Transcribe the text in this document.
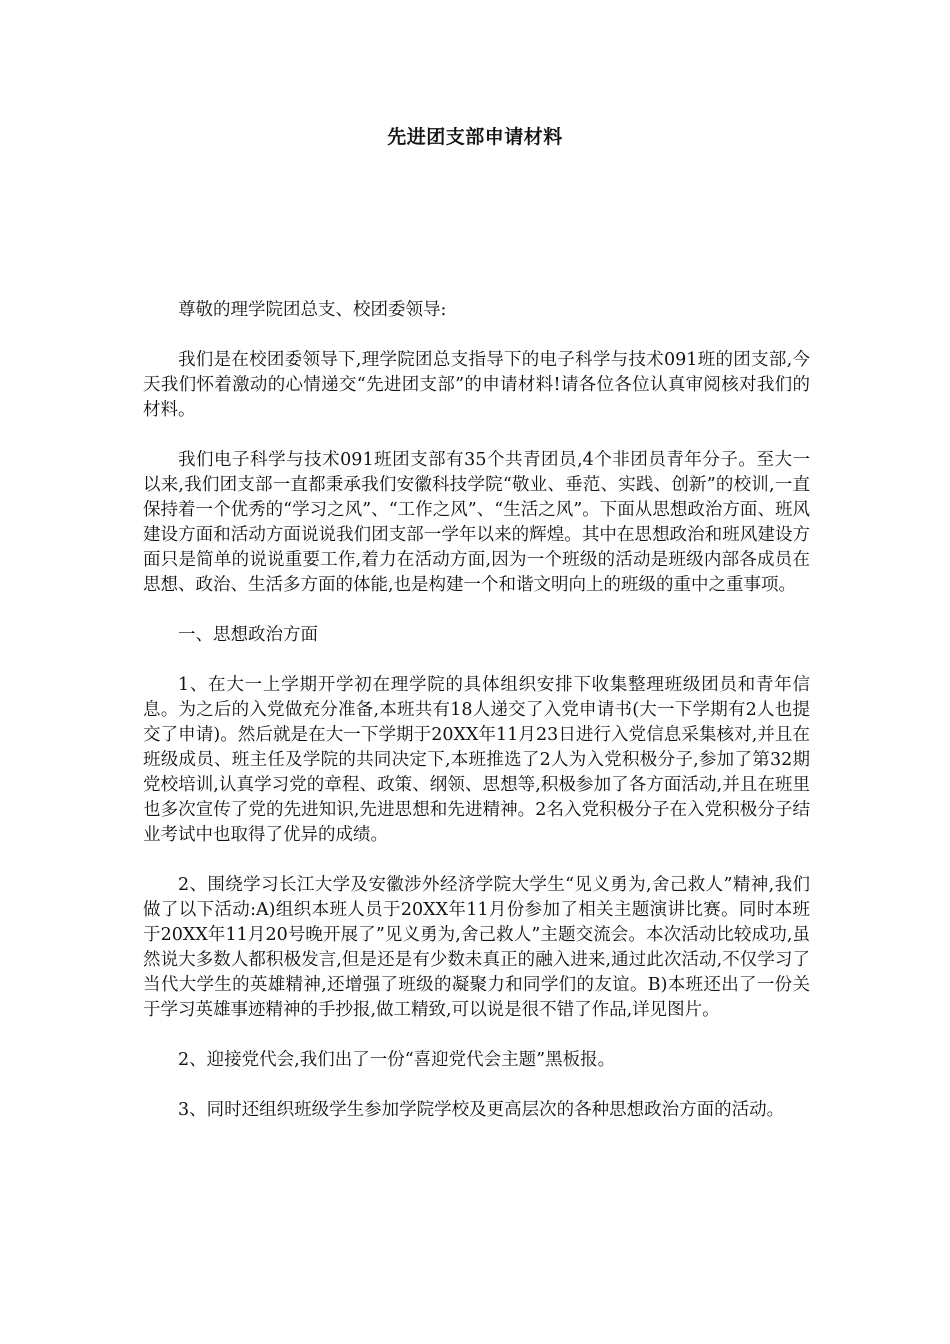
先进团支部申请材料

尊敬的理学院团总支、校团委领导:

我们是在校团委领导下,理学院团总支指导下的电子科学与技术091班的团支部,今天我们怀着激动的心情递交“先进团支部”的申请材料!请各位各位认真审阅核对我们的材料。

我们电子科学与技术091班团支部有35个共青团员,4个非团员青年分子。至大一以来,我们团支部一直都秉承我们安徽科技学院“敬业、垂范、实践、创新”的校训,一直保持着一个优秀的“学习之风”、“工作之风”、“生活之风”。下面从思想政治方面、班风建设方面和活动方面说说我们团支部一学年以来的辉煌。其中在思想政治和班风建设方面只是简单的说说重要工作,着力在活动方面,因为一个班级的活动是班级内部各成员在思想、政治、生活多方面的体能,也是构建一个和谐文明向上的班级的重中之重事项。

一、思想政治方面

1、在大一上学期开学初在理学院的具体组织安排下收集整理班级团员和青年信息。为之后的入党做充分准备,本班共有18人递交了入党申请书(大一下学期有2人也提交了申请)。然后就是在大一下学期于20XX年11月23日进行入党信息采集核对,并且在班级成员、班主任及学院的共同决定下,本班推选了2人为入党积极分子,参加了第32期党校培训,认真学习党的章程、政策、纲领、思想等,积极参加了各方面活动,并且在班里也多次宣传了党的先进知识,先进思想和先进精神。2名入党积极分子在入党积极分子结业考试中也取得了优异的成绩。

2、围绕学习长江大学及安徽涉外经济学院大学生“见义勇为,舍己救人”精神,我们做了以下活动:A)组织本班人员于20XX年11月份参加了相关主题演讲比赛。同时本班于20XX年11月20号晚开展了”见义勇为,舍己救人”主题交流会。本次活动比较成功,虽然说大多数人都积极发言,但是还是有少数未真正的融入进来,通过此次活动,不仅学习了当代大学生的英雄精神,还增强了班级的凝聚力和同学们的友谊。B)本班还出了一份关于学习英雄事迹精神的手抄报,做工精致,可以说是很不错了作品,详见图片。

2、迎接党代会,我们出了一份“喜迎党代会主题”黑板报。

3、同时还组织班级学生参加学院学校及更高层次的各种思想政治方面的活动。
